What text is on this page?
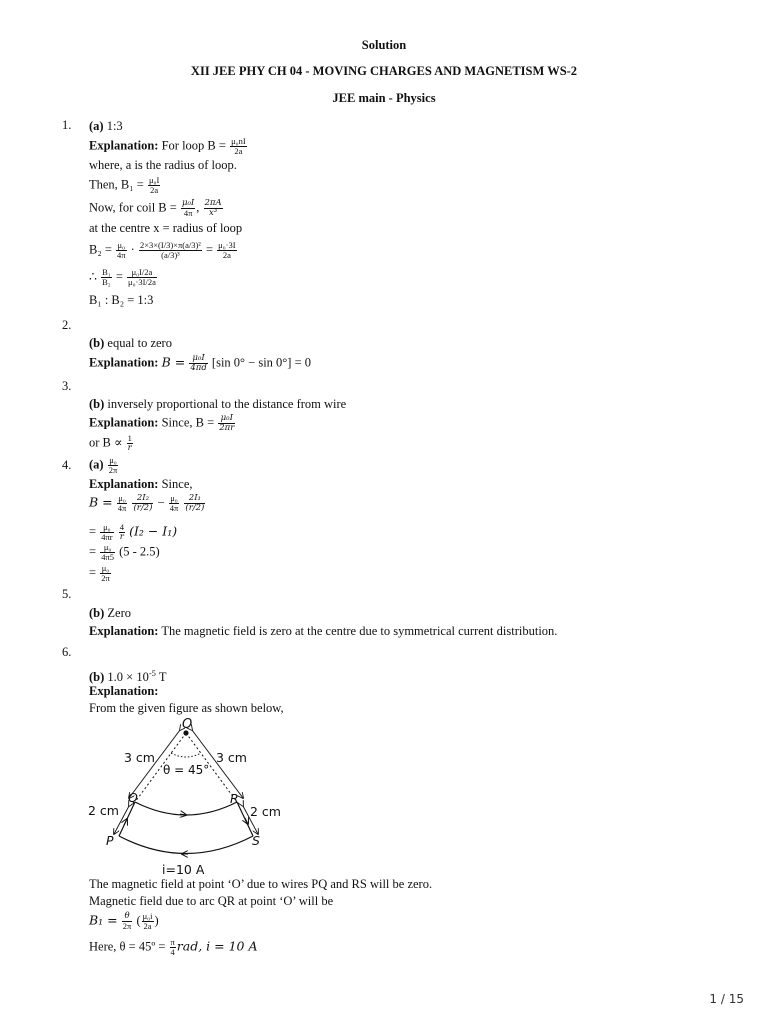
Solution
XII JEE PHY CH 04 - MOVING CHARGES AND MAGNETISM WS-2
JEE main - Physics
1. (a) 1:3
Explanation: For loop $B = \frac{\text{μ₀nI}}{2a}$
where, a is the radius of loop.
Then, $B_1 = \frac{\text{μ₀I}}{2a}$
Now, for coil $B = \frac{\text{μ₀I}}{4\pi}$ , $\frac{2\pi A}{\text{x³}}$
at the centre x = radius of loop
$B_2 = \frac{\text{μ₀}}{4\pi} \cdot \frac{\text{2×3×(I/3)×π(a/3)²}}{\text{(a/3)³}} = \frac{\text{μ₀·3I}}{2a}$
∴ $\frac{\text{B₁}}{\text{B₂}} = \frac{\text{μ₀I/2a}}{\text{μ₀·3I/2a}}$
B₁ : B₂ = 1:3
2.
(b) equal to zero
Explanation: $B = \frac{\text{μ₀I}}{4\pi d} [\sin$ 0° − sin 0°] = 0
3.
(b) inversely proportional to the distance from wire
Explanation: Since, $B = \frac{\text{μ₀I}}{2\pi r}$
or $B \propto \frac{1}{r}$
4. $(a) \frac{\text{μ₀}}{2\pi}$
Explanation: Since,
$B = \frac{\text{μ₀}}{4\pi}$
$\frac{\text{2I₂}}{(r/2)} - \frac{\text{μ₀}}{4\pi}$
$\frac{\text{2I₁}}{(r/2)}$
= $\frac{\text{μ₀}}{4\pi r}$
$\frac{4}{r} (I_2 - I_1)$
= $\frac{\text{μ₀}}{4\pi 5} (5 - 2.5)$
= $\frac{\text{μ₀}}{2\pi}$
5.
(b) Zero
Explanation: The magnetic field is zero at the centre due to symmetrical current distribution.
6.
(b) $1.0 \times 10^{-5}$ T
Explanation:
From the given figure as shown below,
O
3 cm	3 cm
θ = 45°
Q	R
2 cm	2 cm
P	S
i=10 A
The magnetic field at point ‘O’ due to wires PQ and RS will be zero.
Magnetic field due to arc QR at point ‘O’ will be
$B_1 = \frac{\theta}{2\pi}$ ( $\frac{\text{μ₀i}}{2a}$ )
Here, θ = 45º = $\frac{\pi}{4}$ rad, i = 10 A
1 / 15
